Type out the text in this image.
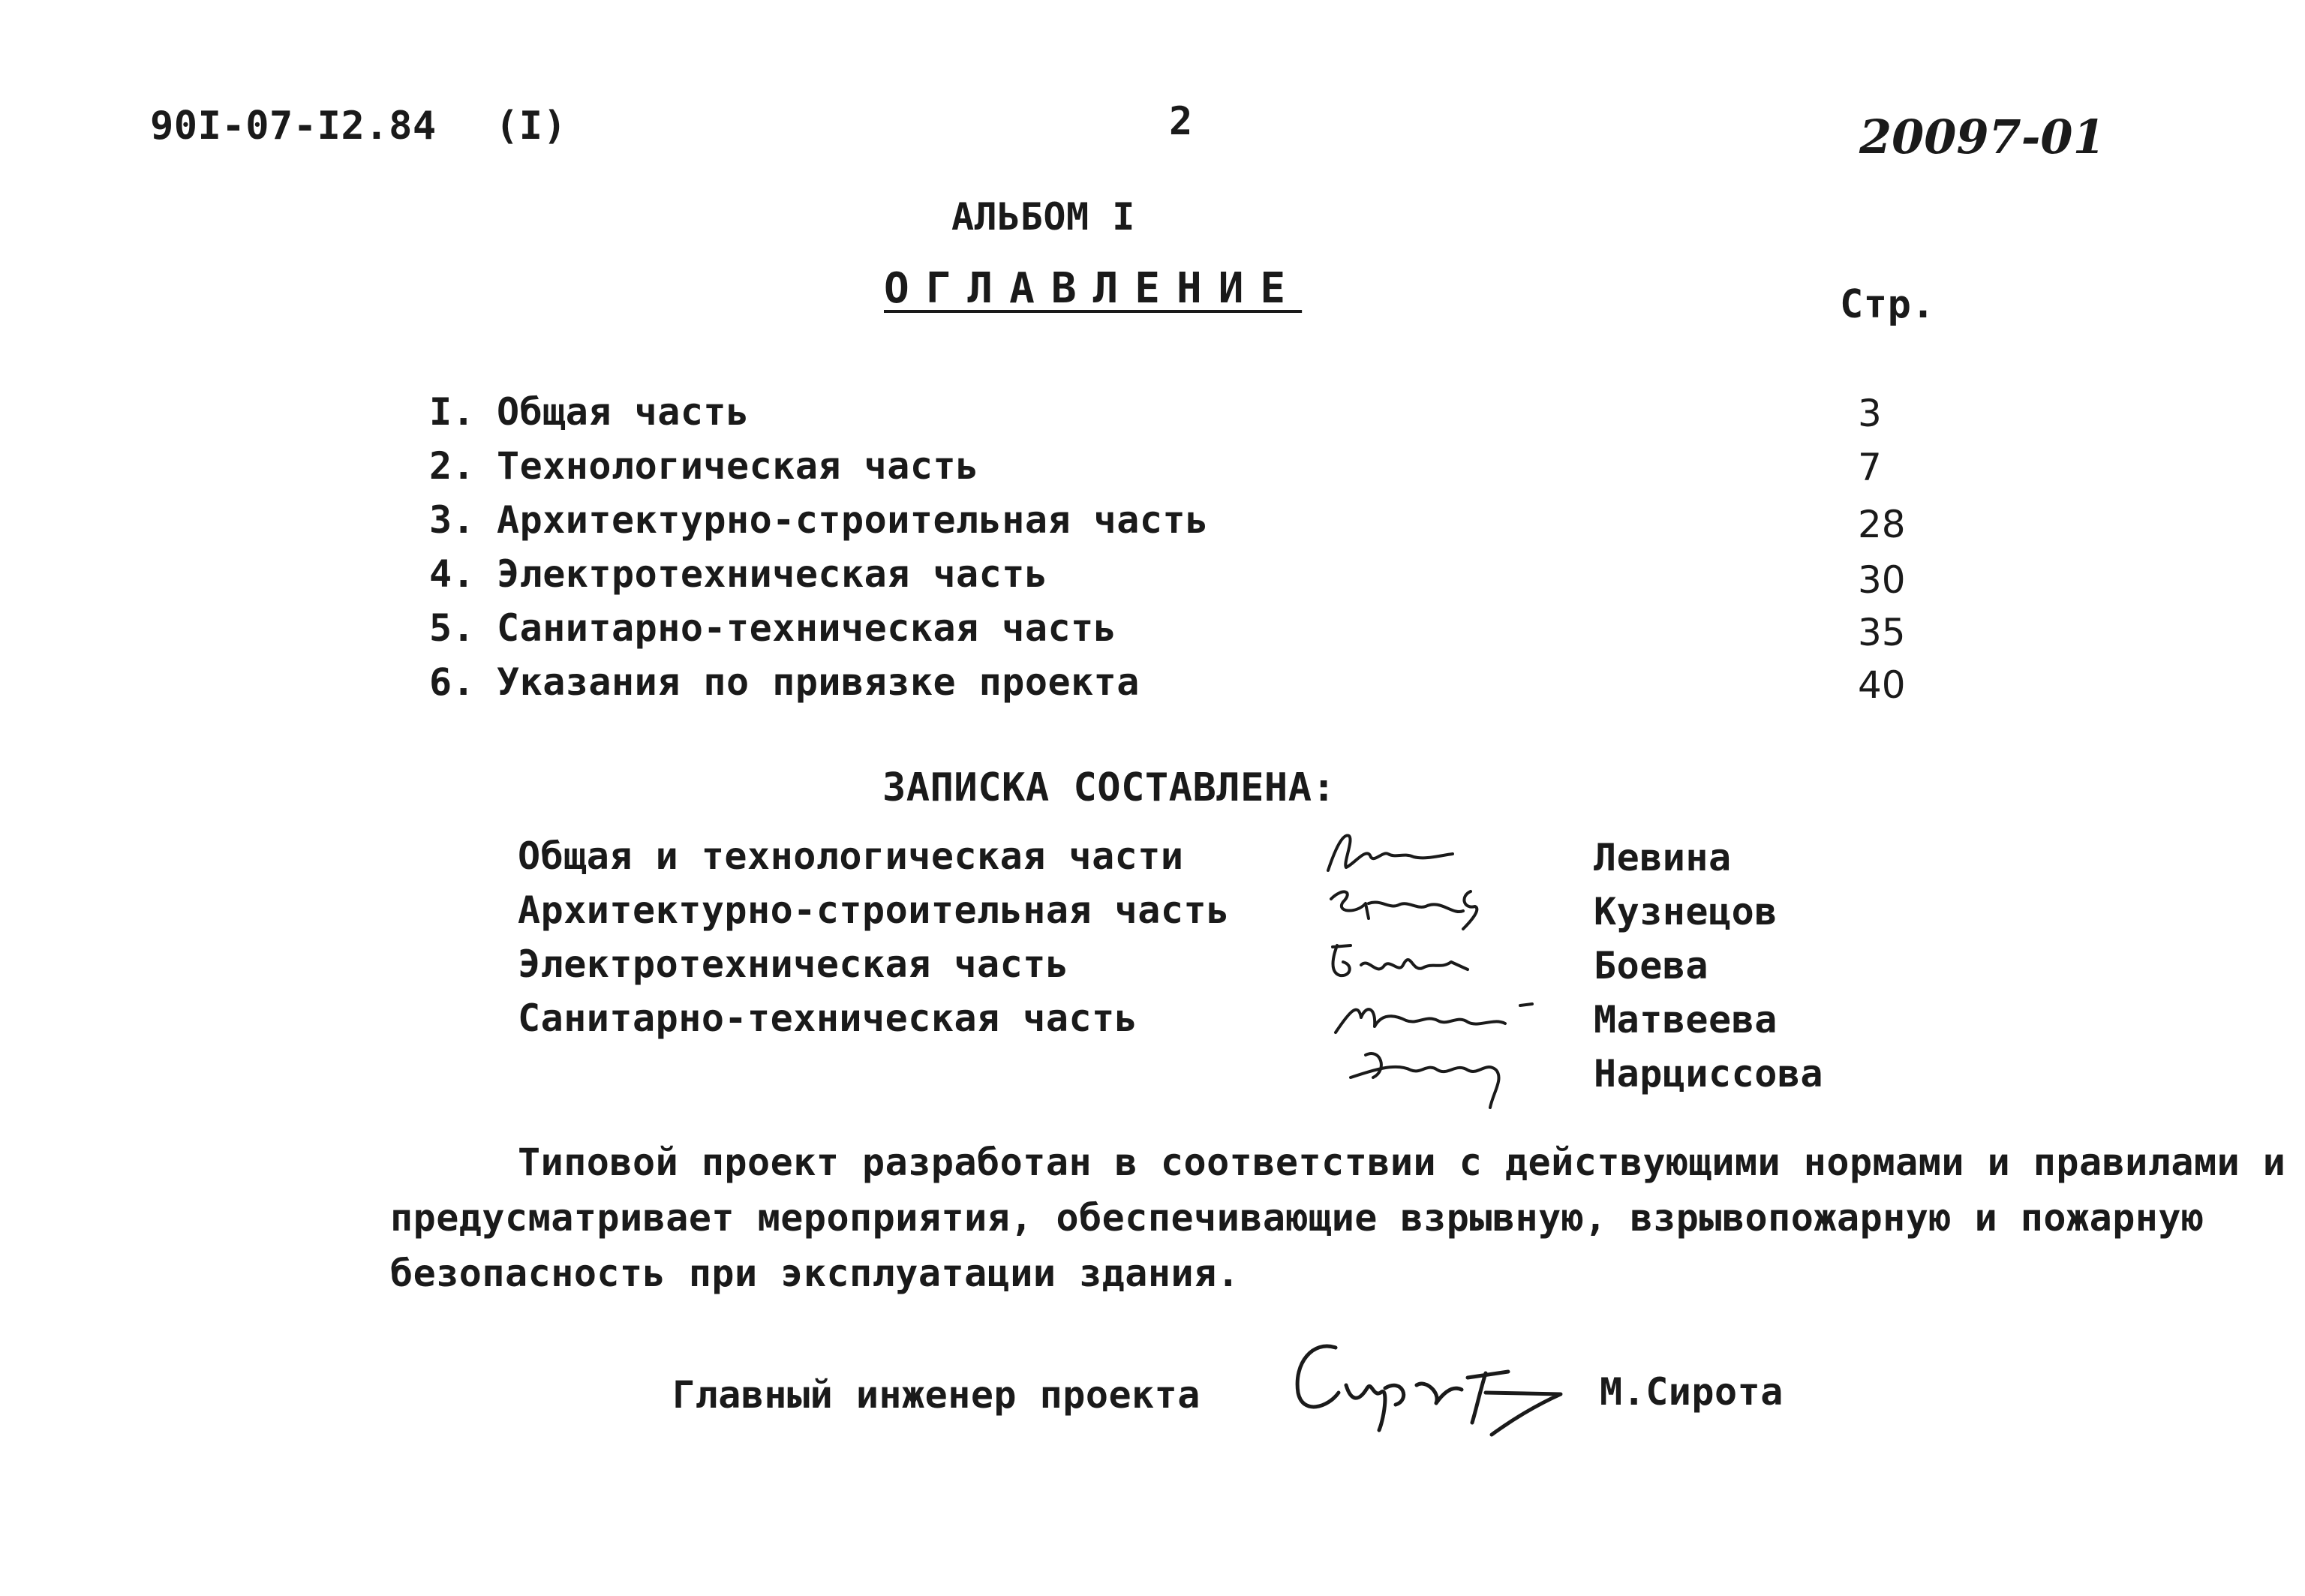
90I-07-I2.84 (I)	2	20097-01
АЛЬБОМ I
ОГЛАВЛЕНИЕ	Стр.
I. Общая часть	3
2. Технологическая часть	7
3. Архитектурно-строительная часть	28
4. Электротехническая часть	30
5. Санитарно-техническая часть	35
6. Указания по привязке проекта	40
ЗАПИСКА СОСТАВЛЕНА:
Общая и технологическая части	Левина
Архитектурно-строительная часть	Кузнецов
Электротехническая часть	Боева
Санитарно-техническая часть	Матвеева
Нарциссова
Типовой проект разработан в соответствии с действующими нормами и правилами и
предусматривает мероприятия, обеспечивающие взрывную, взрывопожарную и пожарную
безопасность при эксплуатации здания.
Главный инженер проекта	М.Сирота
